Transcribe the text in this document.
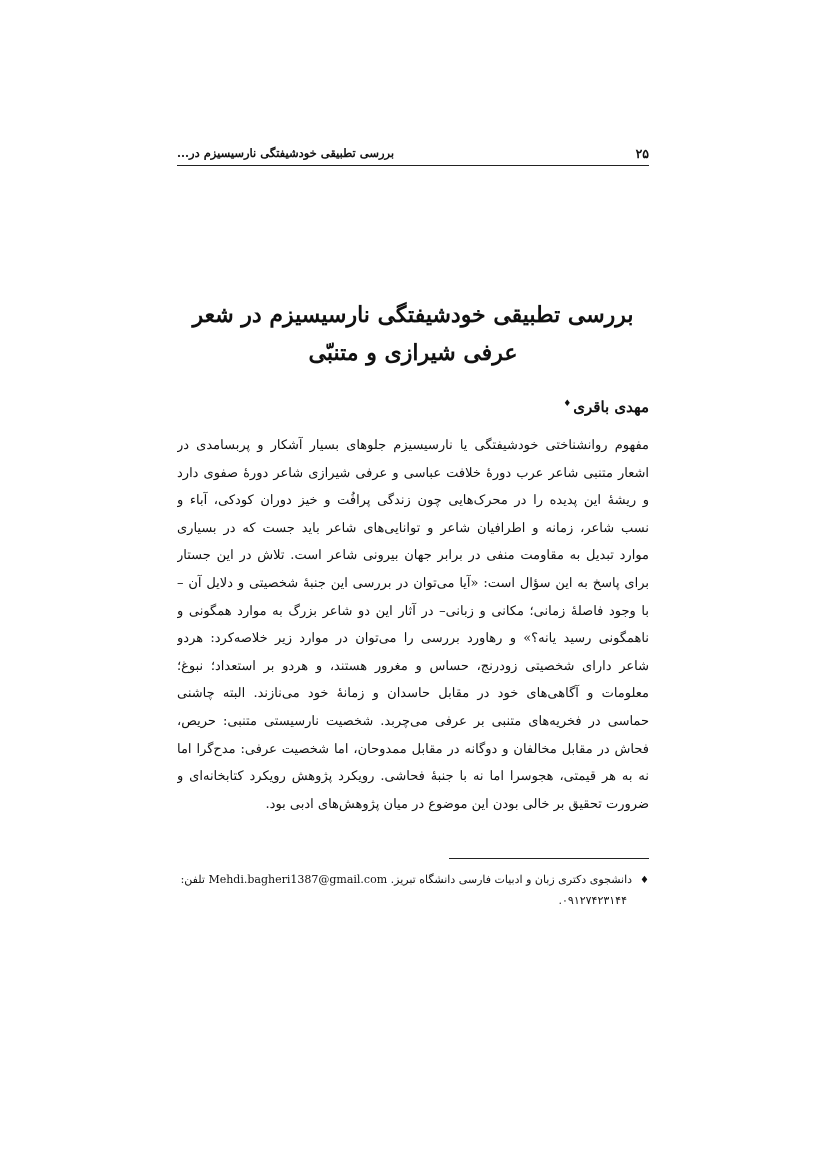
۲۵
بررسی تطبیقی خودشیفتگی نارسیسیزم در...
بررسی تطبیقی خودشیفتگی نارسیسیزم در شعر
عرفی شیرازی و متنبّی
مهدی باقری♦
مفهوم روانشناختی خودشیفتگی یا نارسیسیزم جلوهای بسیار آشکار و پربسامدی در
اشعار متنبی شاعر عرب دورهٔ خلافت عباسی و عرفی شیرازی شاعر دورهٔ صفوی دارد
و ریشهٔ این پدیده را در محرک‌هایی چون زندگی پرافُت و خیز دوران کودکی، آباء و
نسب شاعر، زمانه و اطرافیان شاعر و توانایی‌های شاعر باید جست که در بسیاری
موارد تبدیل به مقاومت منفی در برابر جهان بیرونی شاعر است. تلاش در این جستار
برای پاسخ به این سؤال است: «آیا می‌توان در بررسی این جنبهٔ شخصیتی و دلایل آن –
با وجود فاصلهٔ زمانی؛ مکانی و زبانی– در آثار این دو شاعر بزرگ به موارد همگونی و
ناهمگونی رسید یانه؟» و رهاورد بررسی را می‌توان در موارد زیر خلاصه‌کرد: هردو
شاعر دارای شخصیتی زودرنج، حساس و مغرور هستند، و هردو بر استعداد؛ نبوغ؛
معلومات و آگاهی‌های خود در مقابل حاسدان و زمانهٔ خود می‌نازند. البته چاشنی
حماسی در فخریه‌های متنبی بر عرفی می‌چربد. شخصیت نارسیستی متنبی: حریص،
فحاش در مقابل مخالفان و دوگانه در مقابل ممدوحان، اما شخصیت عرفی: مدح‌گرا اما
نه به هر قیمتی، هجوسرا اما نه با جنبهٔ فحاشی. رویکرد پژوهش رویکرد کتابخانه‌ای و
ضرورت تحقیق بر خالی بودن این موضوع در میان پژوهش‌های ادبی بود.
♦دانشجوی دکتری زبان و ادبیات فارسی دانشگاه تبریز. Mehdi.bagheri1387@gmail.com تلفن:
۰۹۱۲۷۴۲۳۱۴۴.
